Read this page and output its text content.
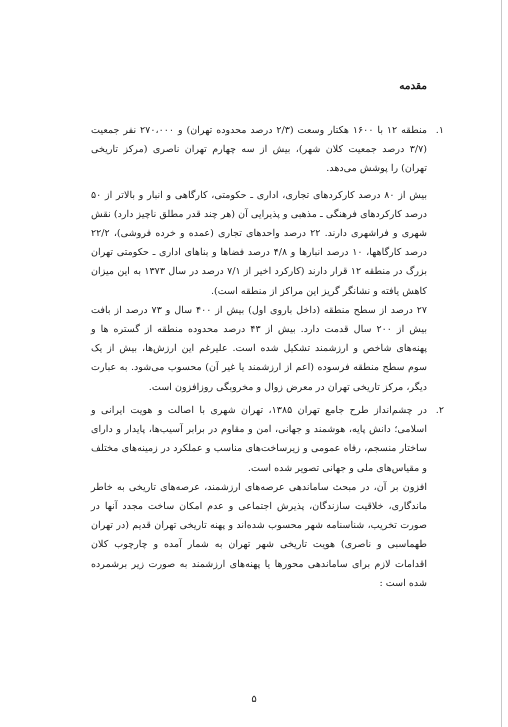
مقدمه
۱.

منطقه ۱۲ با ۱۶۰۰ هکتار وسعت (۲/۳ درصد محدوده تهران) و ۲۷۰،۰۰۰ نفر جمعیت (۳/۷ درصد جمعیت کلان شهر)، بیش از سه چهارم تهران ناصری (مرکز تاریخی تهران) را پوشش می‌دهد.

بیش از ۸۰ درصد کارکردهای تجاری، اداری ـ حکومتی، کارگاهی و انبار و بالاتر از ۵۰ درصد کارکردهای فرهنگی ـ مذهبی و پذیرایی آن (هر چند قدر مطلق ناچیز دارد) نقش شهری و فراشهری دارند. ۲۲ درصد واحدهای تجاری (عمده و خرده فروشی)، ۲۲/۲ درصد کارگاهها، ۱۰ درصد انبارها و ۴/۸ درصد فضاها و بناهای اداری ـ حکومتی تهران بزرگ در منطقه ۱۲ قرار دارند (کارکرد اخیر از ۷/۱ درصد در سال ۱۳۷۳ به این میزان کاهش یافته و نشانگر گریز این مراکز از منطقه است).

۲۷ درصد از سطح منطقه (داخل باروی اول) بیش از ۴۰۰ سال و ۷۳ درصد از بافت بیش از ۲۰۰ سال قدمت دارد. بیش از ۴۳ درصد محدوده منطقه از گستره ها و پهنه‌های شاخص و ارزشمند تشکیل شده است. علیرغم این ارزش‌ها، بیش از یک سوم سطح منطقه فرسوده (اعم از ارزشمند یا غیر آن) محسوب می‌شود. به عبارت دیگر، مرکز تاریخی تهران در معرض زوال و مخروبگی روزافزون است.

۲.

در چشم‌انداز طرح جامع تهران ۱۳۸۵، تهران شهری با اصالت و هویت ایرانی و اسلامی؛ دانش پایه، هوشمند و جهانی، امن و مقاوم در برابر آسیب‌ها، پایدار و دارای ساختار منسجم، رفاه عمومی و زیرساخت‌های مناسب و عملکرد در زمینه‌های مختلف و مقیاس‌های ملی و جهانی تصویر شده است.

افزون بر آن، در مبحث ساماندهی عرصه‌های ارزشمند، عرصه‌های تاریخی به خاطر ماندگاری، خلاقیت سازندگان، پذیرش اجتماعی و عدم امکان ساخت مجدد آنها در صورت تخریب، شناسنامه شهر محسوب شده‌اند و پهنه تاریخی تهران قدیم (در تهران طهماسبی و ناصری) هویت تاریخی شهر تهران به شمار آمده و چارچوب کلان اقدامات لازم برای ساماندهی محورها یا پهنه‌های ارزشمند به صورت زیر برشمرده شده است :

۵
